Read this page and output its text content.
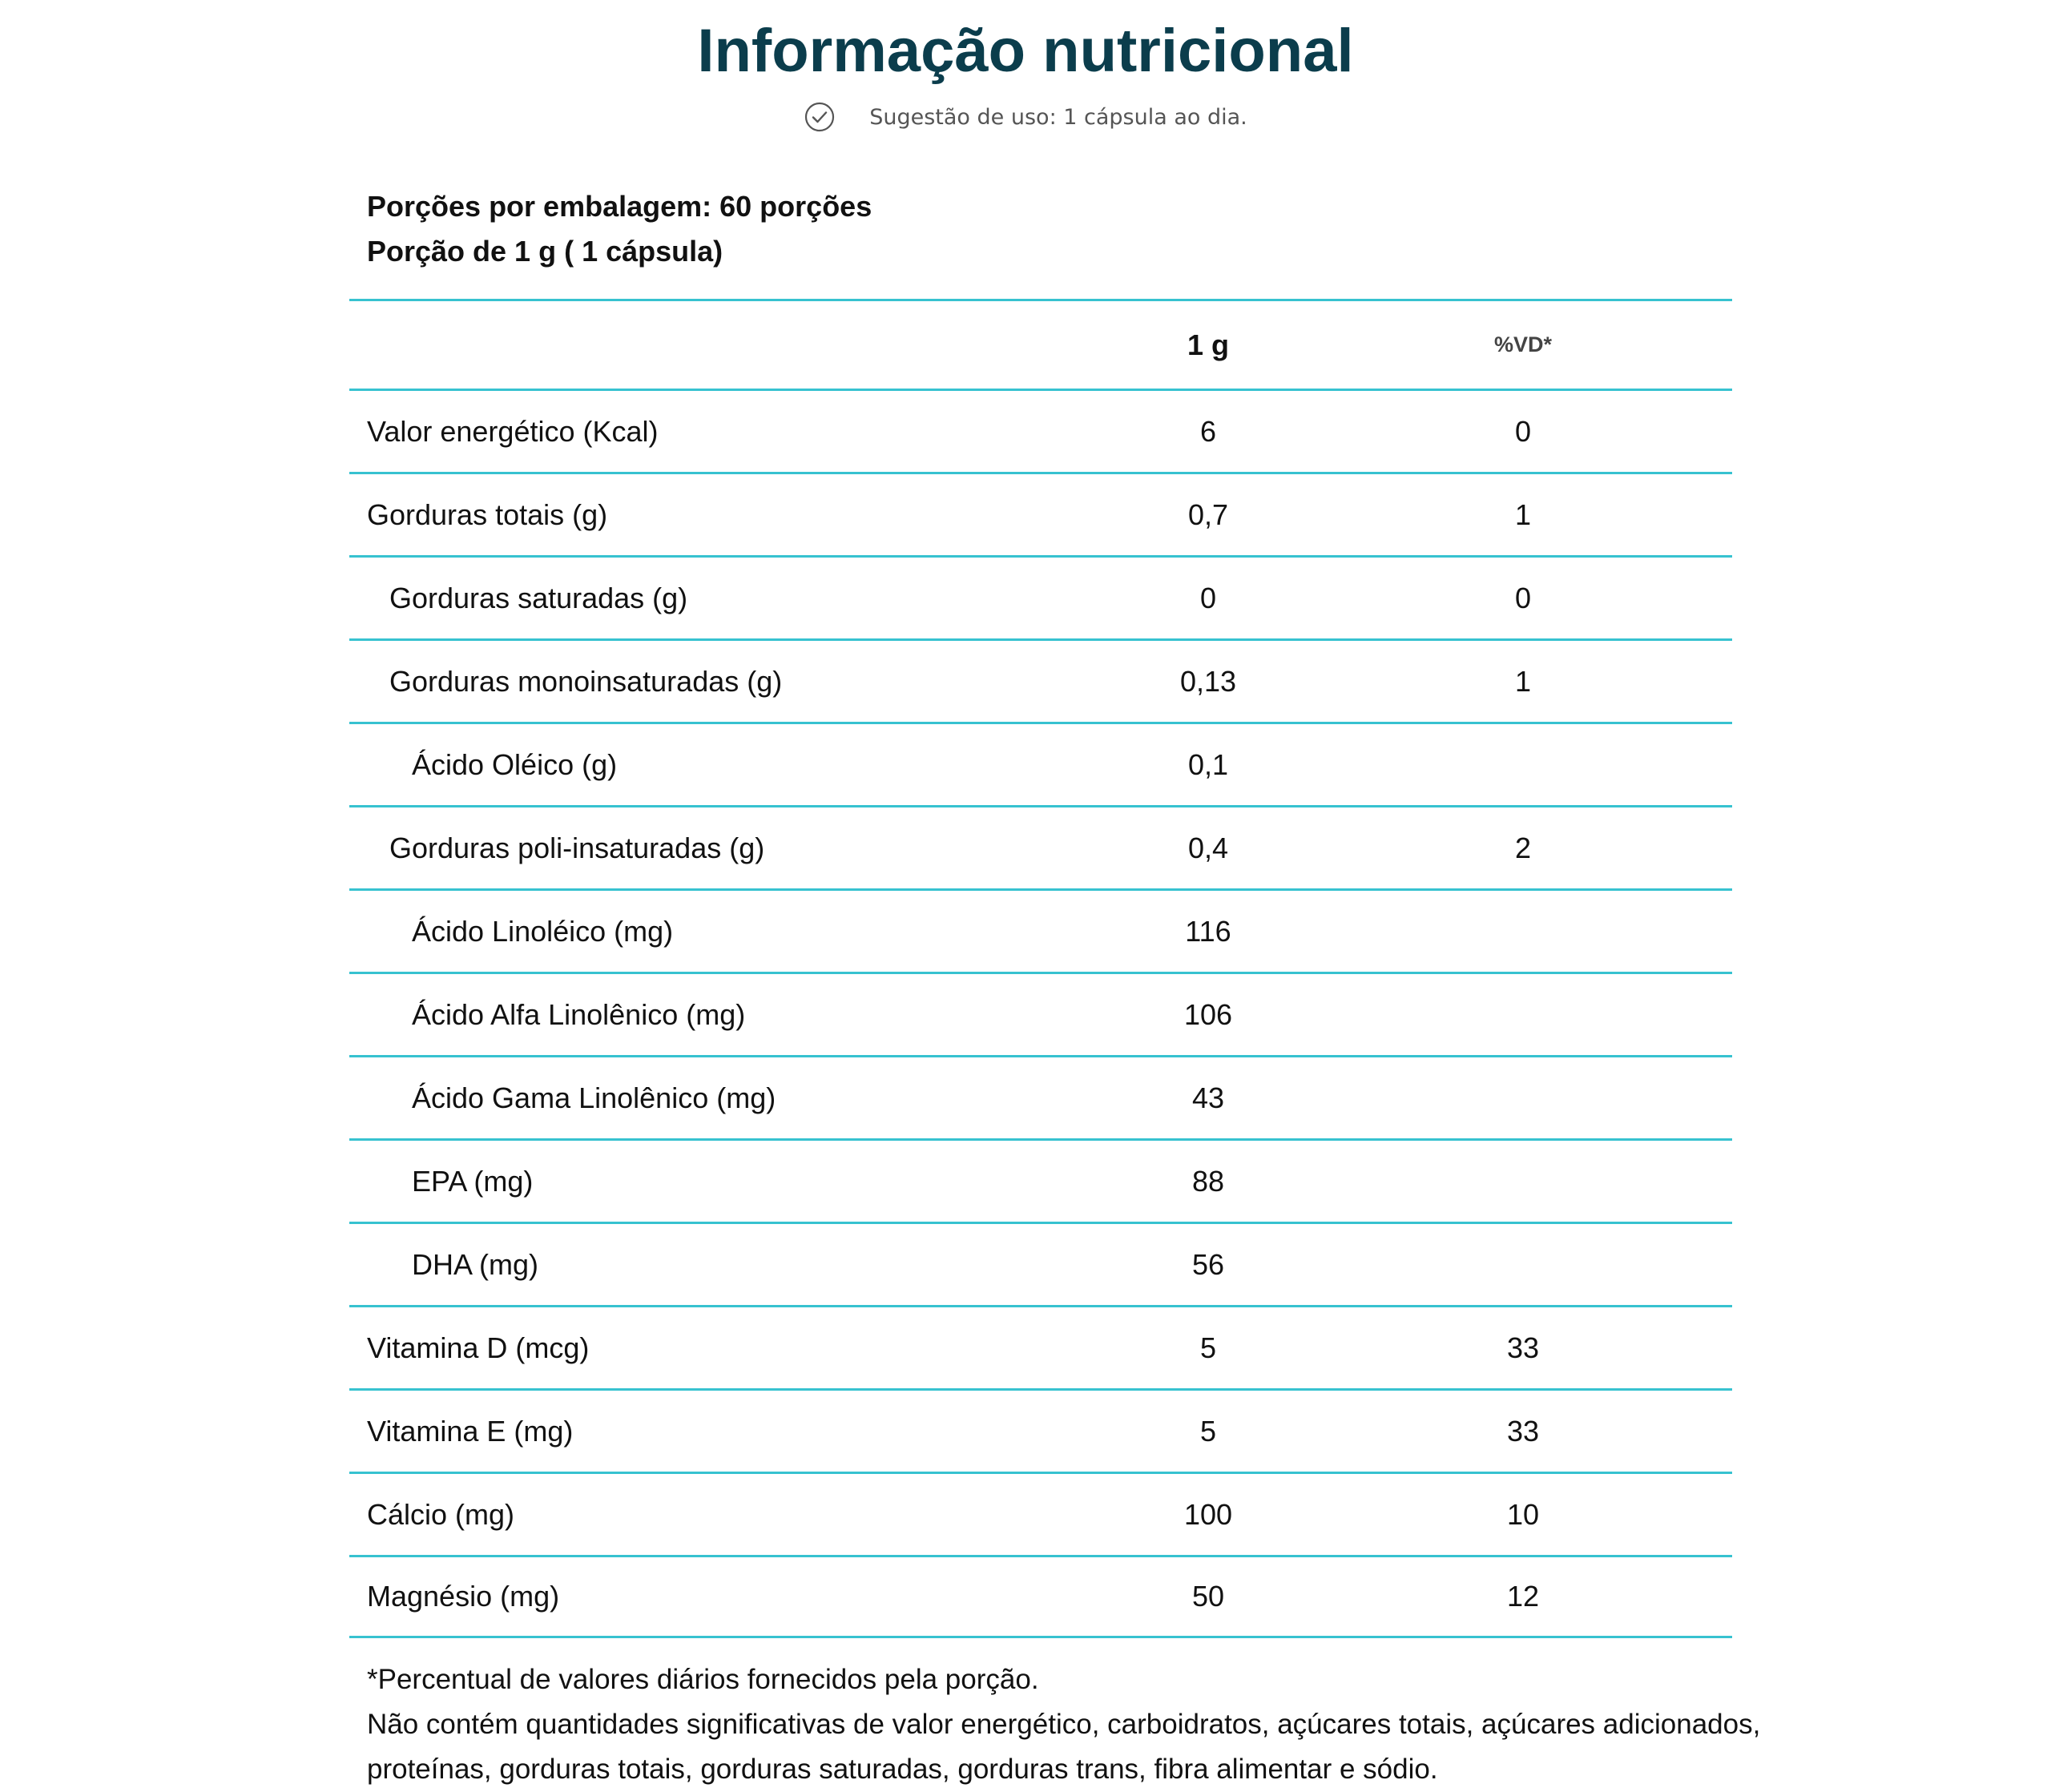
Informação nutricional
Sugestão de uso: 1 cápsula ao dia.
Porções por embalagem: 60 porções
Porção de 1 g ( 1 cápsula)
1 g	%VD*
Valor energético (Kcal)	6	0
Gorduras totais (g)	0,7	1
Gorduras saturadas (g)	0	0
Gorduras monoinsaturadas (g)	0,13	1
Ácido Oléico (g)	0,1
Gorduras poli-insaturadas (g)	0,4	2
Ácido Linoléico (mg)	116
Ácido Alfa Linolênico (mg)	106
Ácido Gama Linolênico (mg)	43
EPA (mg)	88
DHA (mg)	56
Vitamina D (mcg)	5	33
Vitamina E (mg)	5	33
Cálcio (mg)	100	10
Magnésio (mg)	50	12

*Percentual de valores diários fornecidos pela porção.

Não contém quantidades significativas de valor energético, carboidratos, açúcares totais, açúcares adicionados, proteínas, gorduras totais, gorduras saturadas, gorduras trans, fibra alimentar e sódio.
